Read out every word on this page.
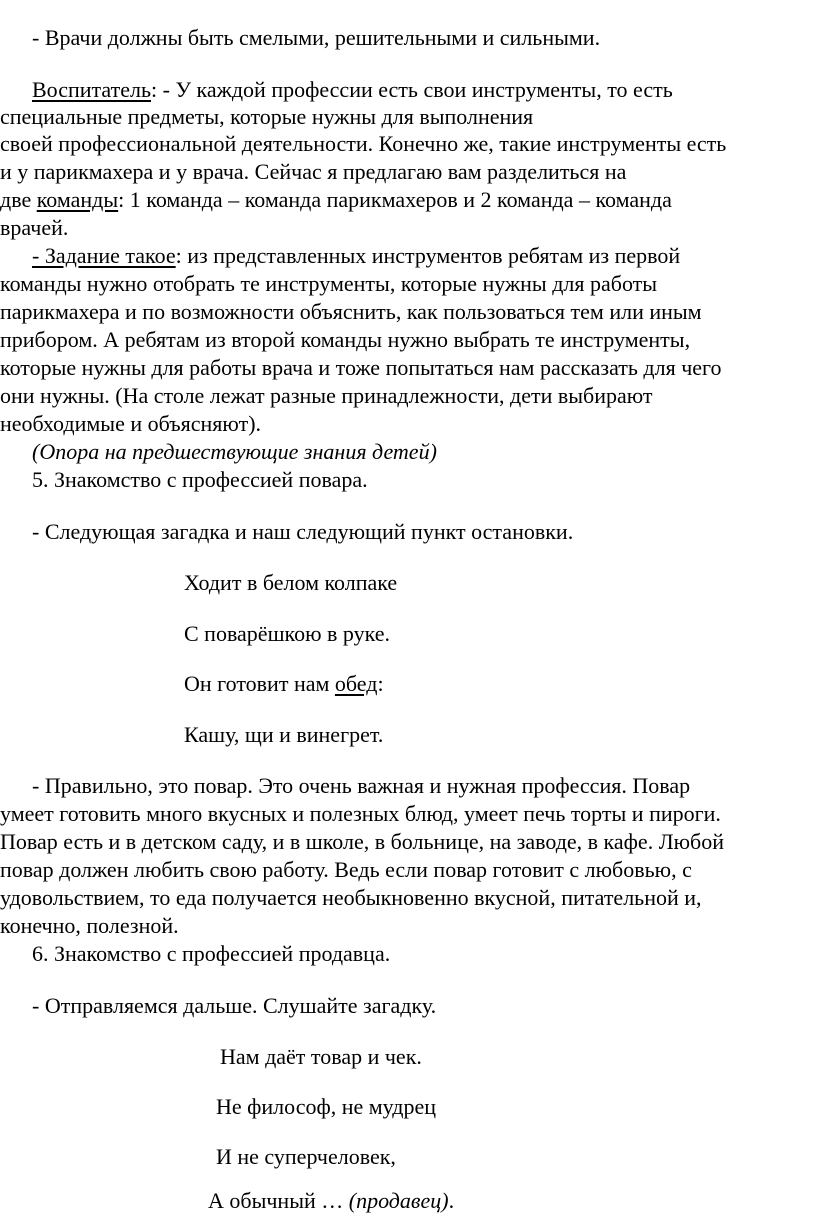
- Врачи должны быть смелыми, решительными и сильными.
Воспитатель: - У каждой профессии есть свои инструменты, то есть
специальные предметы, которые нужны для выполнения
своей профессиональной деятельности. Конечно же, такие инструменты есть
и у парикмахера и у врача. Сейчас я предлагаю вам разделиться на
две команды: 1 команда – команда парикмахеров и 2 команда – команда
врачей.
- Задание такое: из представленных инструментов ребятам из первой
команды нужно отобрать те инструменты, которые нужны для работы
парикмахера и по возможности объяснить, как пользоваться тем или иным
прибором. А ребятам из второй команды нужно выбрать те инструменты,
которые нужны для работы врача и тоже попытаться нам рассказать для чего
они нужны. (На столе лежат разные принадлежности, дети выбирают
необходимые и объясняют).
(Опора на предшествующие знания детей)
5. Знакомство с профессией повара.
- Следующая загадка и наш следующий пункт остановки.
Ходит в белом колпаке
С поварёшкою в руке.
Он готовит нам обед:
Кашу, щи и винегрет.
- Правильно, это повар. Это очень важная и нужная профессия. Повар
умеет готовить много вкусных и полезных блюд, умеет печь торты и пироги.
Повар есть и в детском саду, и в школе, в больнице, на заводе, в кафе. Любой
повар должен любить свою работу. Ведь если повар готовит с любовью, с
удовольствием, то еда получается необыкновенно вкусной, питательной и,
конечно, полезной.
6. Знакомство с профессией продавца.
- Отправляемся дальше. Слушайте загадку.
Нам даёт товар и чек.
Не философ, не мудрец
И не суперчеловек,
А обычный … (продавец).
